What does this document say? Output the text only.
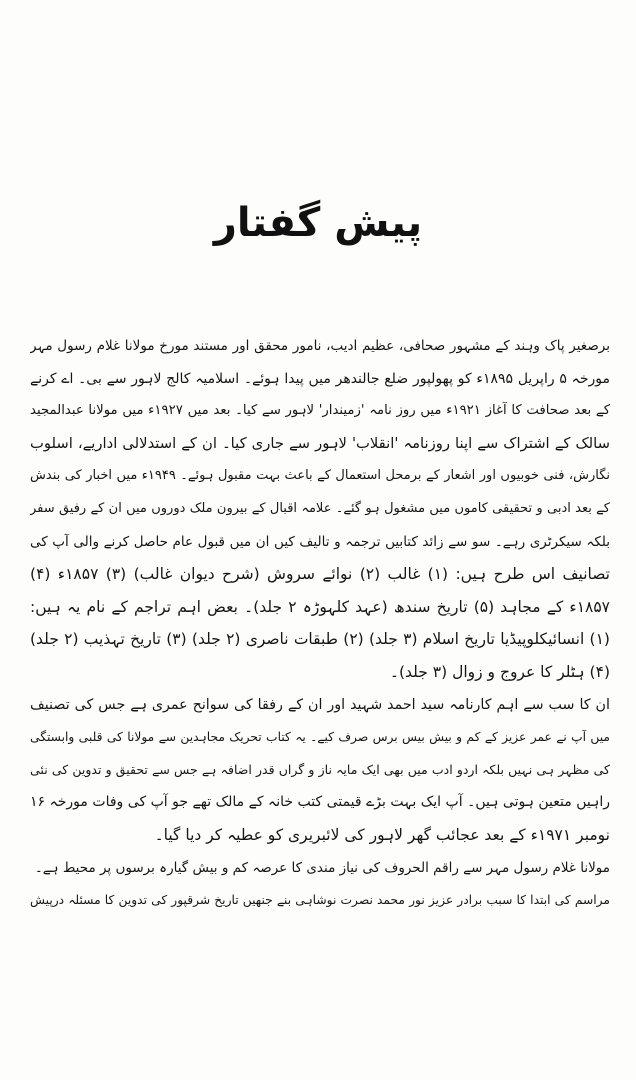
پیش گفتار
برصغیر پاک وہند کے مشہور صحافی، عظیم ادیب، نامور محقق اور مستند مورخ مولانا غلام رسول مہر
مورخہ ۵ راپریل ۱۸۹۵ء کو پھولپور ضلع جالندھر میں پیدا ہوئے۔ اسلامیہ کالج لاہور سے بی۔ اے کرنے
کے بعد صحافت کا آغاز ۱۹۲۱ء میں روز نامہ 'زمیندار' لاہور سے کیا۔ بعد میں ۱۹۲۷ء میں مولانا عبدالمجید
سالک کے اشتراک سے اپنا روزنامہ 'انقلاب' لاہور سے جاری کیا۔ ان کے استدلالی اداریے، اسلوب
نگارش، فنی خوبیوں اور اشعار کے برمحل استعمال کے باعث بہت مقبول ہوئے۔ ۱۹۴۹ء میں اخبار کی بندش
کے بعد ادبی و تحقیقی کاموں میں مشغول ہو گئے۔ علامہ اقبال کے بیرون ملک دوروں میں ان کے رفیق سفر
بلکہ سیکرٹری رہے۔ سو سے زائد کتابیں ترجمہ و تالیف کیں ان میں قبول عام حاصل کرنے والی آپ کی
تصانیف اس طرح ہیں: (۱) غالب (۲) نوائے سروش (شرح دیوان غالب) (۳) ۱۸۵۷ء (۴)
۱۸۵۷ء کے مجاہد (۵) تاریخ سندھ (عہد کلہوڑہ ۲ جلد)۔ بعض اہم تراجم کے نام یہ ہیں:
(۱) انسائیکلوپیڈیا تاریخ اسلام (۳ جلد) (۲) طبقات ناصری (۲ جلد) (۳) تاریخ تہذیب (۲ جلد)
(۴) ہٹلر کا عروج و زوال (۳ جلد)۔
ان کا سب سے اہم کارنامہ سید احمد شہید اور ان کے رفقا کی سوانح عمری ہے جس کی تصنیف
میں آپ نے عمر عزیز کے کم و بیش بیس برس صرف کیے۔ یہ کتاب تحریک مجاہدین سے مولانا کی قلبی وابستگی
کی مظہر ہی نہیں بلکہ اردو ادب میں بھی ایک مایہ ناز و گراں قدر اضافہ ہے جس سے تحقیق و تدوین کی نئی
راہیں متعین ہوتی ہیں۔ آپ ایک بہت بڑے قیمتی کتب خانہ کے مالک تھے جو آپ کی وفات مورخہ ۱۶
نومبر ۱۹۷۱ء کے بعد عجائب گھر لاہور کی لائبریری کو عطیہ کر دیا گیا۔
مولانا غلام رسول مہر سے راقم الحروف کی نیاز مندی کا عرصہ کم و بیش گیارہ برسوں پر محیط ہے۔
مراسم کی ابتدا کا سبب برادر عزیز نور محمد نصرت نوشاہی بنے جنھیں تاریخ شرقپور کی تدوین کا مسئلہ درپیش
